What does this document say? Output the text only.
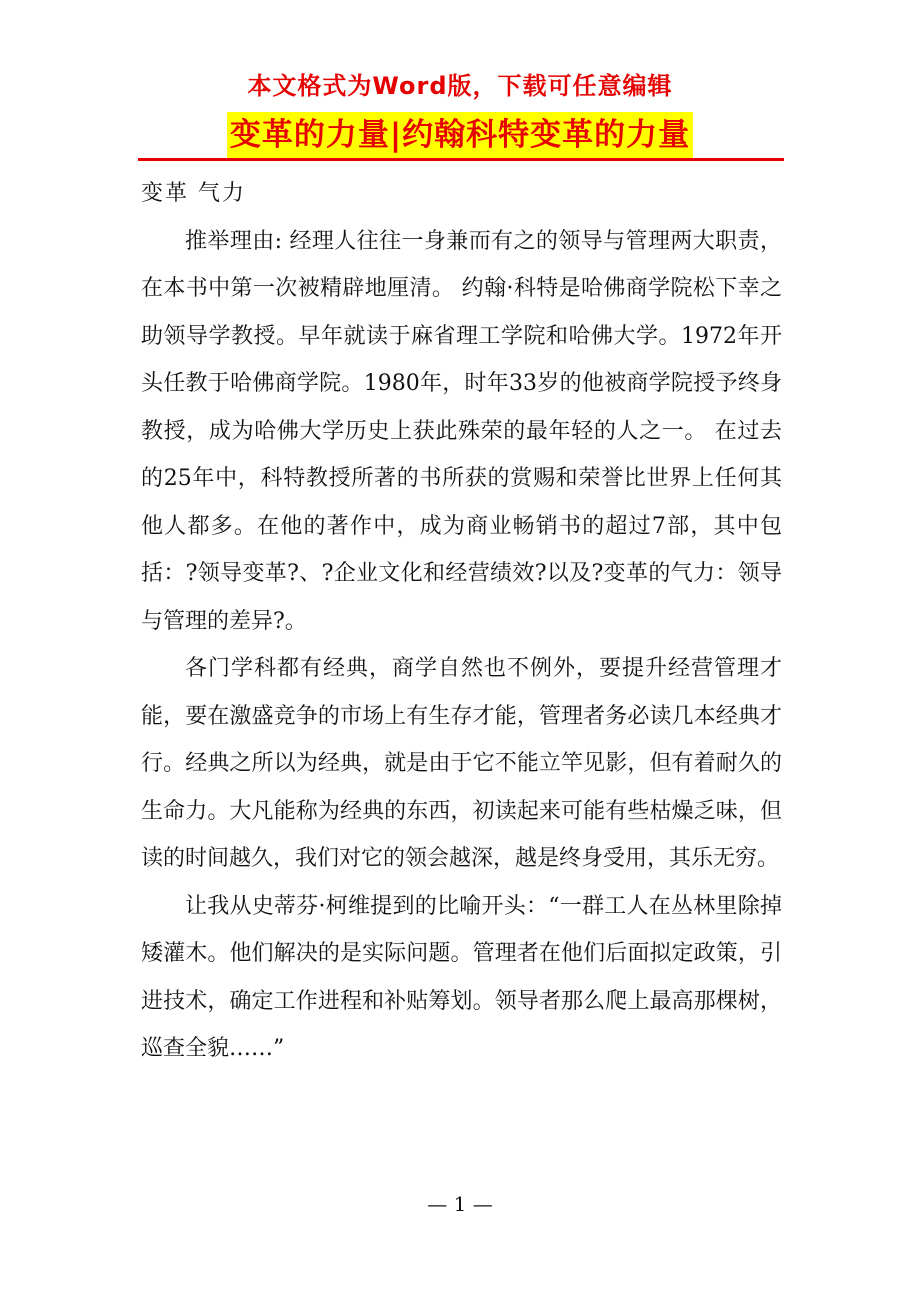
本文格式为Word版，下载可任意编辑
变革的力量|约翰科特变革的力量

变革 气力

推举理由: 经理人往往一身兼而有之的领导与管理两大职责，在本书中第一次被精辟地厘清。 约翰·科特是哈佛商学院松下幸之助领导学教授。早年就读于麻省理工学院和哈佛大学。1972年开头任教于哈佛商学院。1980年，时年33岁的他被商学院授予终身教授，成为哈佛大学历史上获此殊荣的最年轻的人之一。 在过去的25年中，科特教授所著的书所获的赏赐和荣誉比世界上任何其他人都多。在他的著作中，成为商业畅销书的超过7部，其中包括：?领导变革?、?企业文化和经营绩效?以及?变革的气力：领导与管理的差异?。

各门学科都有经典，商学自然也不例外，要提升经营管理才能，要在激盛竞争的市场上有生存才能，管理者务必读几本经典才行。经典之所以为经典，就是由于它不能立竿见影，但有着耐久的生命力。大凡能称为经典的东西，初读起来可能有些枯燥乏味，但读的时间越久，我们对它的领会越深，越是终身受用，其乐无穷。

让我从史蒂芬·柯维提到的比喻开头：“一群工人在丛林里除掉矮灌木。他们解决的是实际问题。管理者在他们后面拟定政策，引进技术，确定工作进程和补贴筹划。领导者那么爬上最高那棵树，巡查全貌……”

— 1 —
